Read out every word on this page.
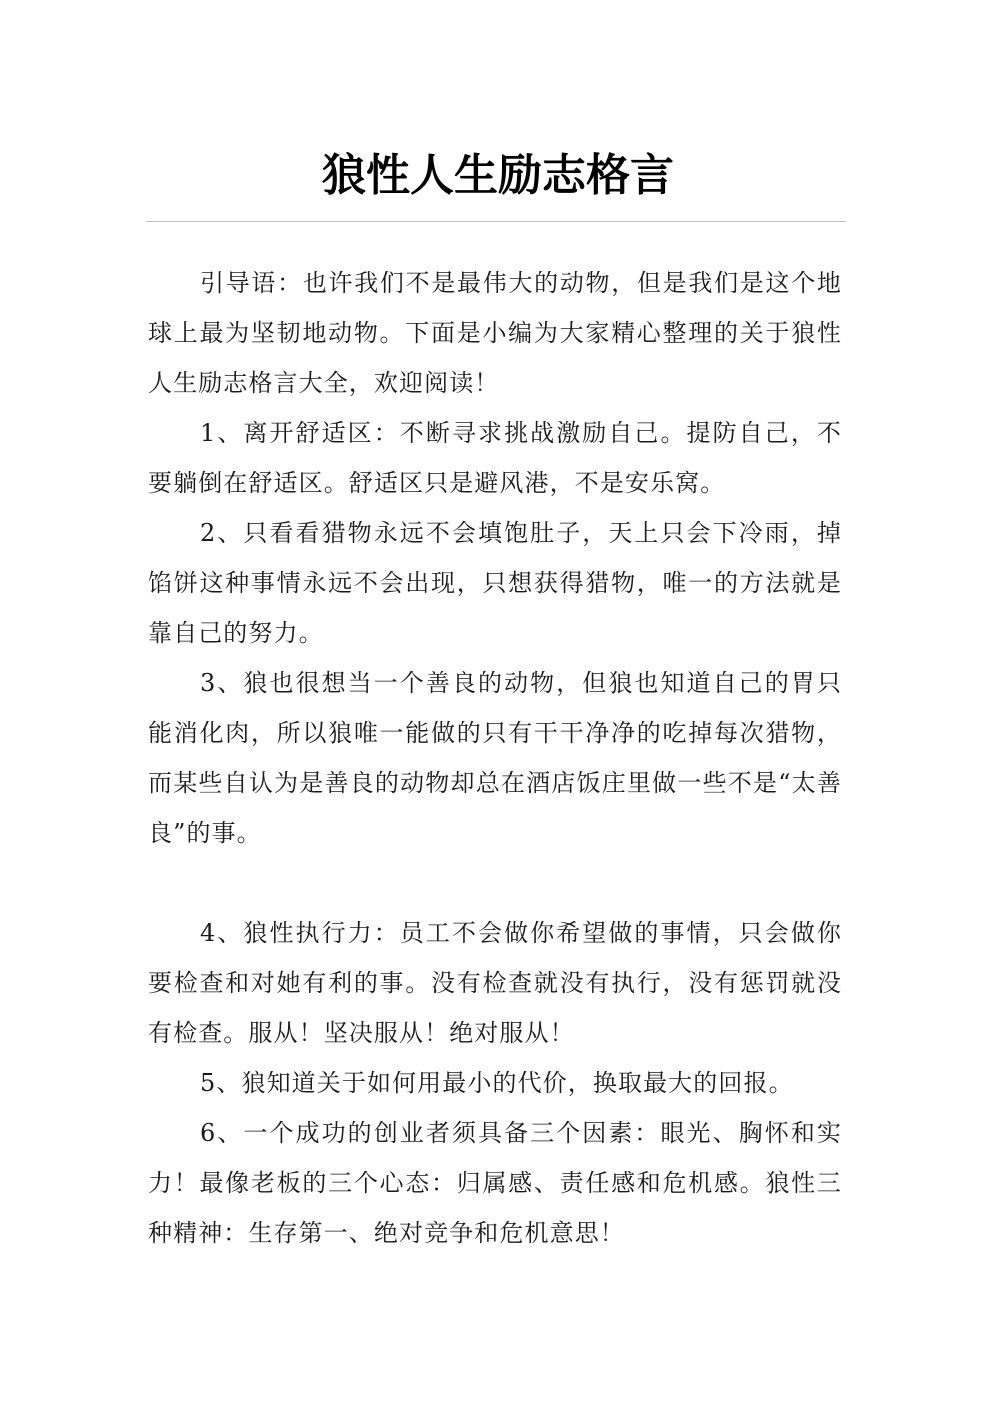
狼性人生励志格言

引导语：也许我们不是最伟大的动物，但是我们是这个地球上最为坚韧地动物。下面是小编为大家精心整理的关于狼性人生励志格言大全，欢迎阅读！

1、离开舒适区：不断寻求挑战激励自己。提防自己，不要躺倒在舒适区。舒适区只是避风港，不是安乐窝。

2、只看看猎物永远不会填饱肚子，天上只会下冷雨，掉馅饼这种事情永远不会出现，只想获得猎物，唯一的方法就是靠自己的努力。

3、狼也很想当一个善良的动物，但狼也知道自己的胃只能消化肉，所以狼唯一能做的只有干干净净的吃掉每次猎物，而某些自认为是善良的动物却总在酒店饭庄里做一些不是“太善良”的事。

4、狼性执行力：员工不会做你希望做的事情，只会做你要检查和对她有利的事。没有检查就没有执行，没有惩罚就没有检查。服从！坚决服从！绝对服从！

5、狼知道关于如何用最小的代价，换取最大的回报。

6、一个成功的创业者须具备三个因素：眼光、胸怀和实力！最像老板的三个心态：归属感、责任感和危机感。狼性三种精神：生存第一、绝对竞争和危机意思！
